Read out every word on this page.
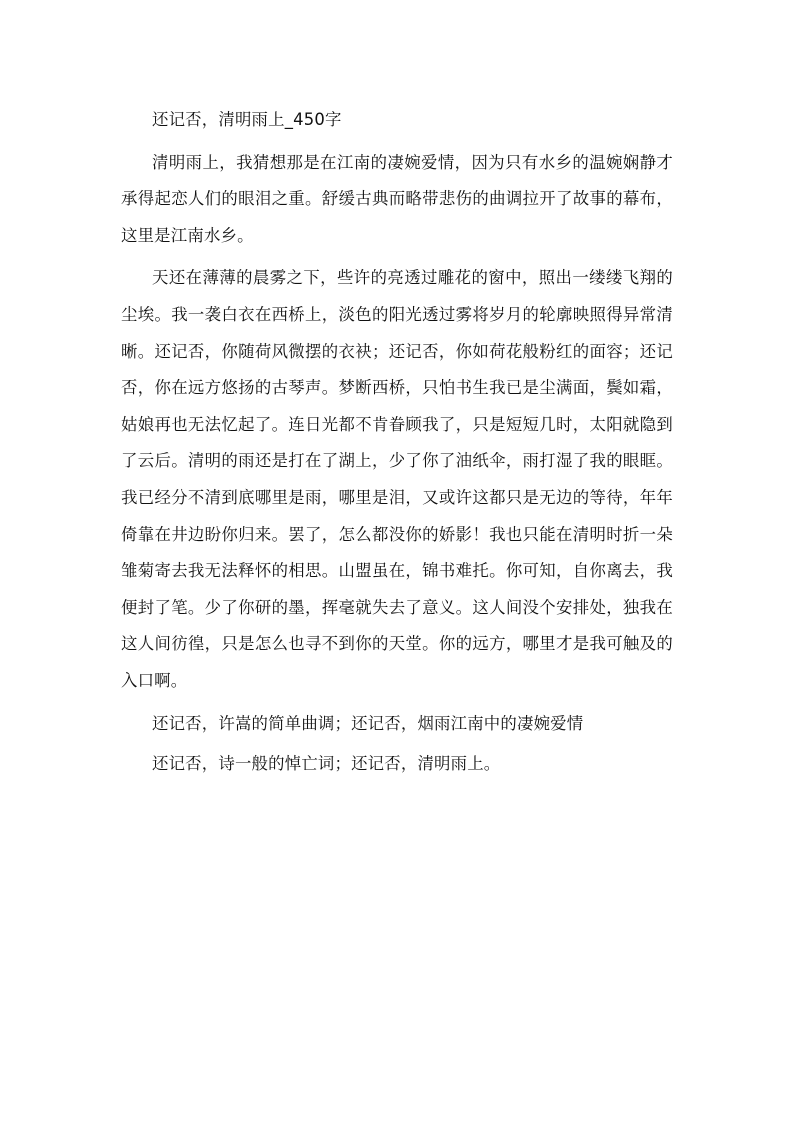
还记否，清明雨上_450字

清明雨上，我猜想那是在江南的凄婉爱情，因为只有水乡的温婉娴静才承得起恋人们的眼泪之重。舒缓古典而略带悲伤的曲调拉开了故事的幕布，这里是江南水乡。

天还在薄薄的晨雾之下，些许的亮透过雕花的窗中，照出一缕缕飞翔的尘埃。我一袭白衣在西桥上，淡色的阳光透过雾将岁月的轮廓映照得异常清晰。还记否，你随荷风微摆的衣袂；还记否，你如荷花般粉红的面容；还记否，你在远方悠扬的古琴声。梦断西桥，只怕书生我已是尘满面，鬓如霜，姑娘再也无法忆起了。连日光都不肯眷顾我了，只是短短几时，太阳就隐到了云后。清明的雨还是打在了湖上，少了你了油纸伞，雨打湿了我的眼眶。我已经分不清到底哪里是雨，哪里是泪，又或许这都只是无边的等待，年年倚靠在井边盼你归来。罢了，怎么都没你的娇影！我也只能在清明时折一朵雏菊寄去我无法释怀的相思。山盟虽在，锦书难托。你可知，自你离去，我便封了笔。少了你研的墨，挥毫就失去了意义。这人间没个安排处，独我在这人间彷徨，只是怎么也寻不到你的天堂。你的远方，哪里才是我可触及的入口啊。

还记否，许嵩的简单曲调；还记否，烟雨江南中的凄婉爱情

还记否，诗一般的悼亡词；还记否，清明雨上。
